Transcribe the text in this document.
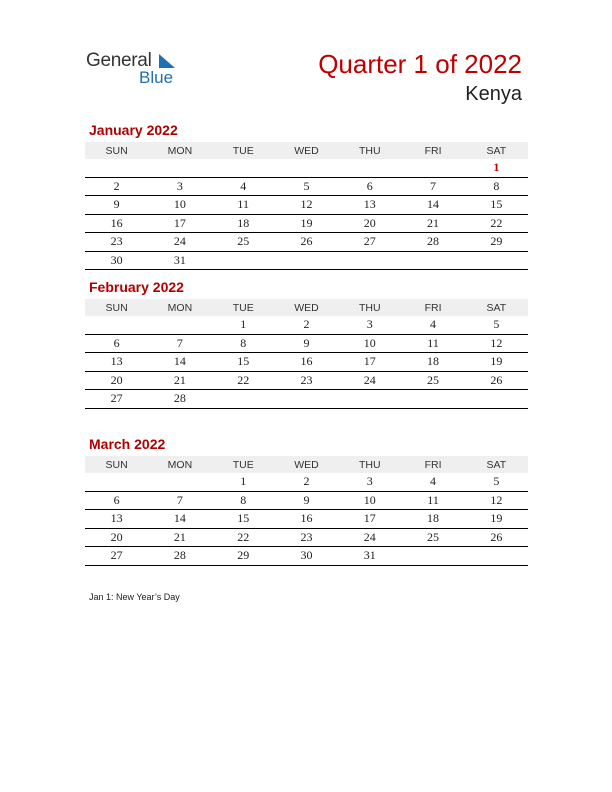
General
Blue	Quarter 1 of 2022
Kenya
January 2022
SUN	MON	TUE	WED	THU	FRI	SAT
						1
2	3	4	5	6	7	8
9	10	11	12	13	14	15
16	17	18	19	20	21	22
23	24	25	26	27	28	29
30	31					
February 2022
SUN	MON	TUE	WED	THU	FRI	SAT
		1	2	3	4	5
6	7	8	9	10	11	12
13	14	15	16	17	18	19
20	21	22	23	24	25	26
27	28					
March 2022
SUN	MON	TUE	WED	THU	FRI	SAT
		1	2	3	4	5
6	7	8	9	10	11	12
13	14	15	16	17	18	19
20	21	22	23	24	25	26
27	28	29	30	31		
Jan 1: New Year’s Day
